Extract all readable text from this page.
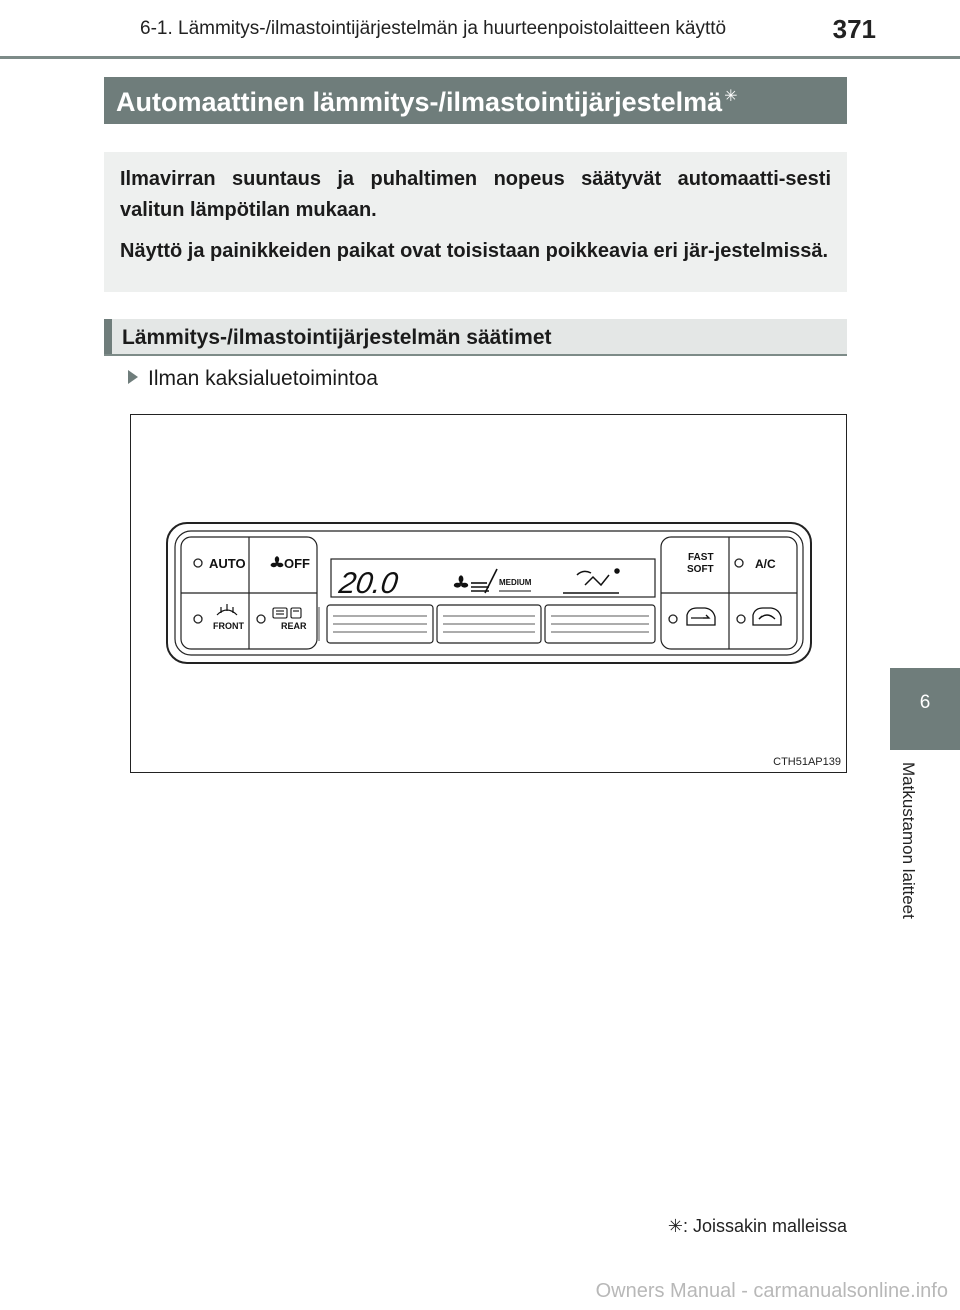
6-1. Lämmitys-/ilmastointijärjestelmän ja huurteenpoistolaitteen käyttö	371
Automaattinen lämmitys-/ilmastointijärjestelmä ✳

Ilmavirran suuntaus ja puhaltimen nopeus säätyvät automaatti-sesti valitun lämpötilan mukaan.

Näyttö ja painikkeiden paikat ovat toisistaan poikkeavia eri jär-jestelmissä.

Lämmitys-/ilmastointijärjestelmän säätimet
Ilman kaksialuetoimintoa
AUTO	OFF
FRONT	REAR
20.0	MEDIUM
FAST
SOFT	A/C
CTH51AP139
6
Matkustamon laitteet
✳: Joissakin malleissa
Owners Manual - carmanualsonline.info
